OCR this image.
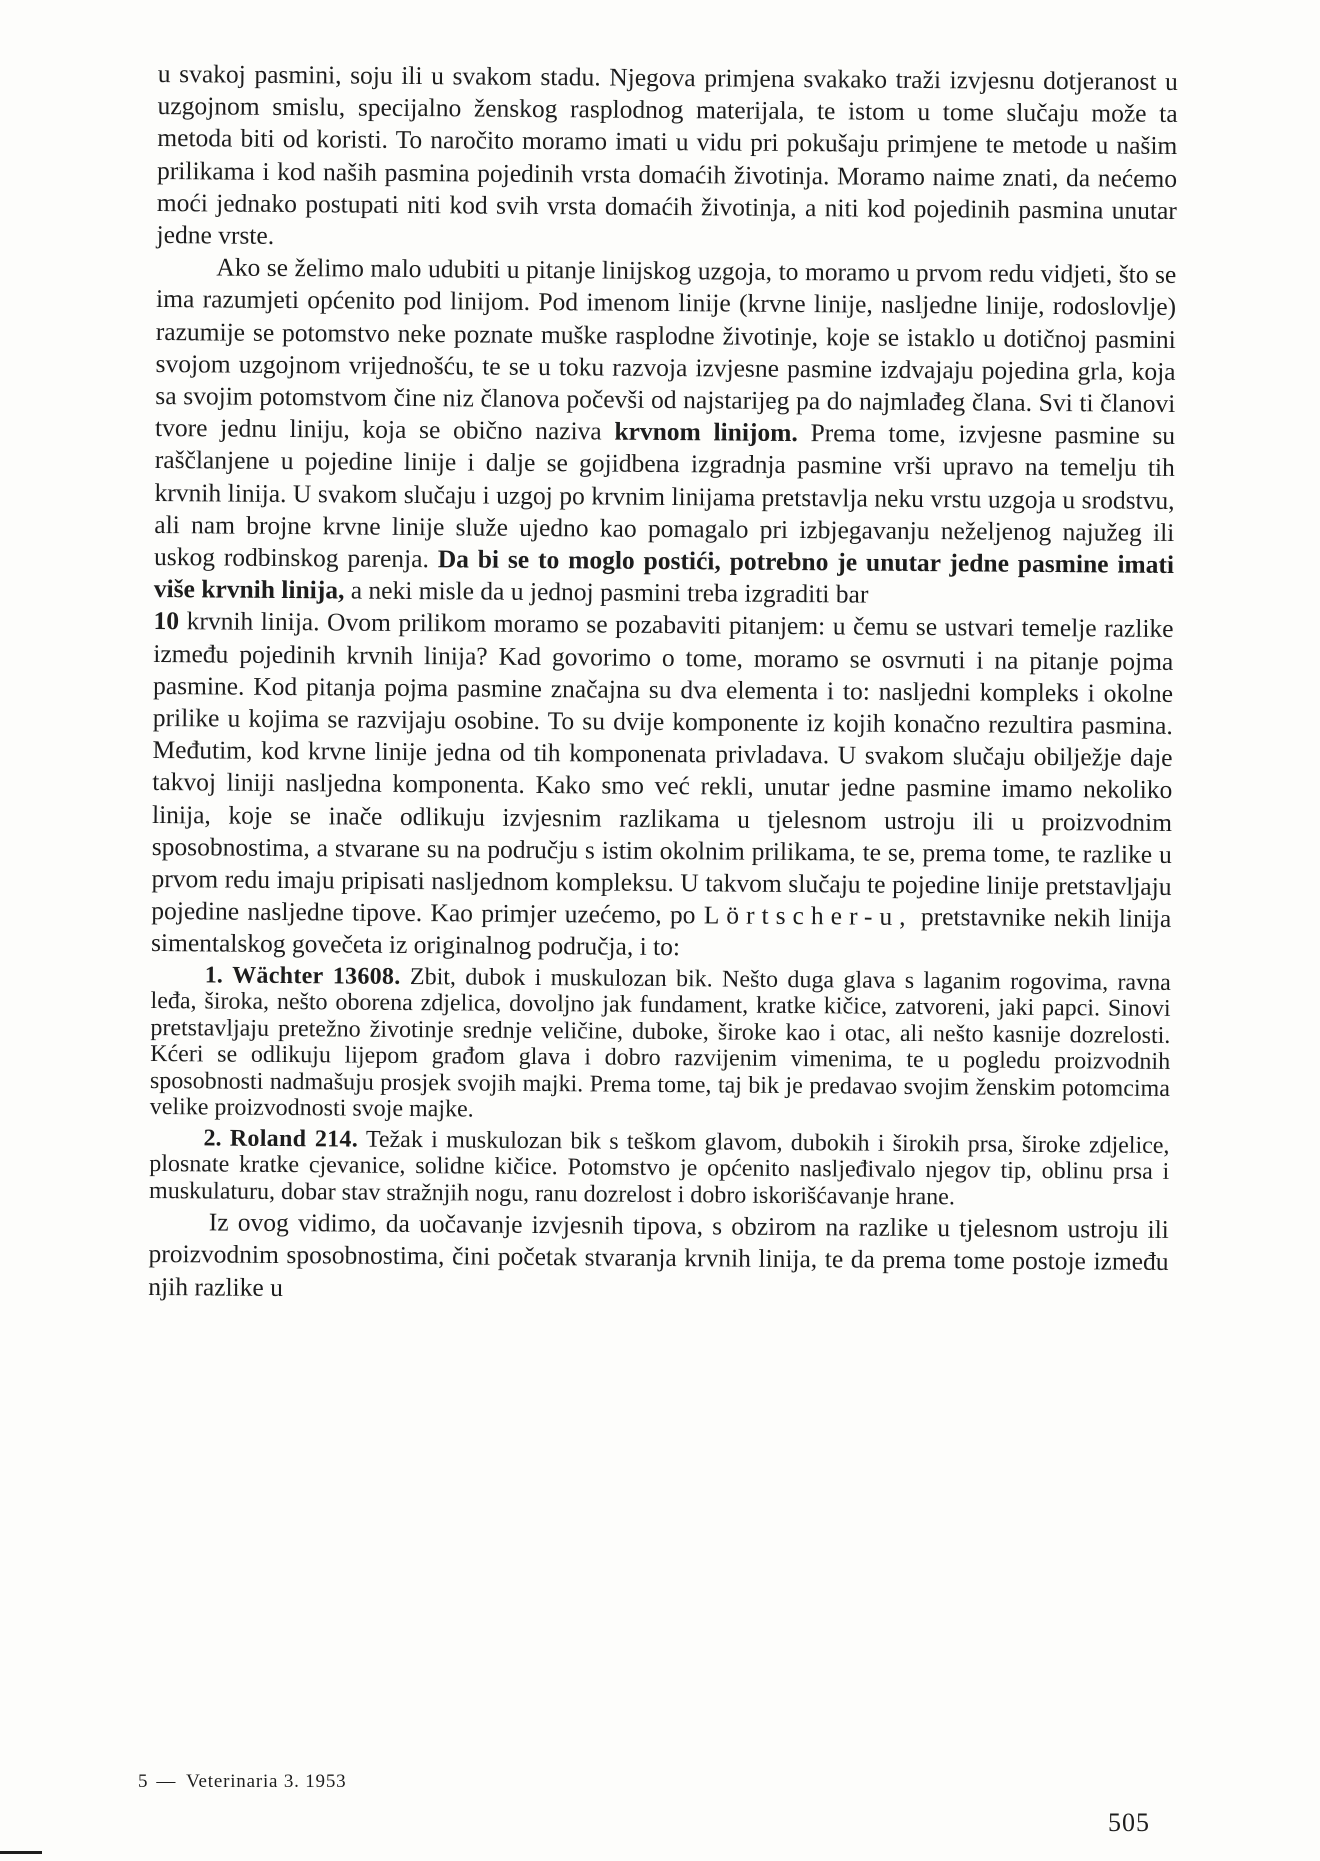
u svakoj pasmini, soju ili u svakom stadu. Njegova primjena svakako traži izvjesnu dotjeranost u uzgojnom smislu, specijalno ženskog rasplodnog materijala, te istom u tome slučaju može ta metoda biti od koristi. To naročito moramo imati u vidu pri pokušaju primjene te metode u našim prilikama i kod naših pasmina pojedinih vrsta domaćih životinja. Moramo naime znati, da nećemo moći jednako postupati niti kod svih vrsta domaćih životinja, a niti kod pojedinih pasmina unutar jedne vrste.

Ako se želimo malo udubiti u pitanje linijskog uzgoja, to moramo u prvom redu vidjeti, što se ima razumjeti općenito pod linijom. Pod imenom linije (krvne linije, nasljedne linije, rodoslovlje) razumije se potomstvo neke poznate muške rasplodne životinje, koje se istaklo u dotičnoj pasmini svojom uzgojnom vrijednošću, te se u toku razvoja izvjesne pasmine izdvajaju pojedina grla, koja sa svojim potomstvom čine niz članova počevši od najstarijeg pa do najmlađeg člana. Svi ti članovi tvore jednu liniju, koja se obično naziva krvnom linijom. Prema tome, izvjesne pasmine su raščlanjene u pojedine linije i dalje se gojidbena izgradnja pasmine vrši upravo na temelju tih krvnih linija. U svakom slučaju i uzgoj po krvnim linijama pretstavlja neku vrstu uzgoja u srodstvu, ali nam brojne krvne linije služe ujedno kao pomagalo pri izbjegavanju neželjenog najužeg ili uskog rodbinskog parenja. Da bi se to moglo postići, potrebno je unutar jedne pasmine imati više krvnih linija, a neki misle da u jednoj pasmini treba izgraditi bar
10 krvnih linija. Ovom prilikom moramo se pozabaviti pitanjem: u čemu se ustvari temelje razlike između pojedinih krvnih linija? Kad govorimo o tome, moramo se osvrnuti i na pitanje pojma pasmine. Kod pitanja pojma pasmine značajna su dva elementa i to: nasljedni kompleks i okolne prilike u kojima se razvijaju osobine. To su dvije komponente iz kojih konačno rezultira pasmina. Međutim, kod krvne linije jedna od tih komponenata privladava. U svakom slučaju obilježje daje takvoj liniji nasljedna komponenta. Kako smo već rekli, unutar jedne pasmine imamo nekoliko linija, koje se inače odlikuju izvjesnim razlikama u tjelesnom ustroju ili u proizvodnim sposobnostima, a stvarane su na području s istim okolnim prilikama, te se, prema tome, te razlike u prvom redu imaju pripisati nasljednom kompleksu. U takvom slučaju te pojedine linije pretstavljaju pojedine nasljedne tipove. Kao primjer uzećemo, po Lörtscher-u, pretstavnike nekih linija simentalskog govečeta iz originalnog područja, i to:

1. Wächter 13608. Zbit, dubok i muskulozan bik. Nešto duga glava s laganim rogovima, ravna leđa, široka, nešto oborena zdjelica, dovoljno jak fundament, kratke kičice, zatvoreni, jaki papci. Sinovi pretstavljaju pretežno životinje srednje veličine, duboke, široke kao i otac, ali nešto kasnije dozrelosti. Kćeri se odlikuju lijepom građom glava i dobro razvijenim vimenima, te u pogledu proizvodnih sposobnosti nadmašuju prosjek svojih majki. Prema tome, taj bik je predavao svojim ženskim potomcima velike proizvodnosti svoje majke.

2. Roland 214. Težak i muskulozan bik s teškom glavom, dubokih i širokih prsa, široke zdjelice, plosnate kratke cjevanice, solidne kičice. Potomstvo je općenito nasljeđivalo njegov tip, oblinu prsa i muskulaturu, dobar stav stražnjih nogu, ranu dozrelost i dobro iskorišćavanje hrane.

Iz ovog vidimo, da uočavanje izvjesnih tipova, s obzirom na razlike u tjelesnom ustroju ili proizvodnim sposobnostima, čini početak stvaranja krvnih linija, te da prema tome postoje između njih razlike u

5 — Veterinaria 3. 1953
505
